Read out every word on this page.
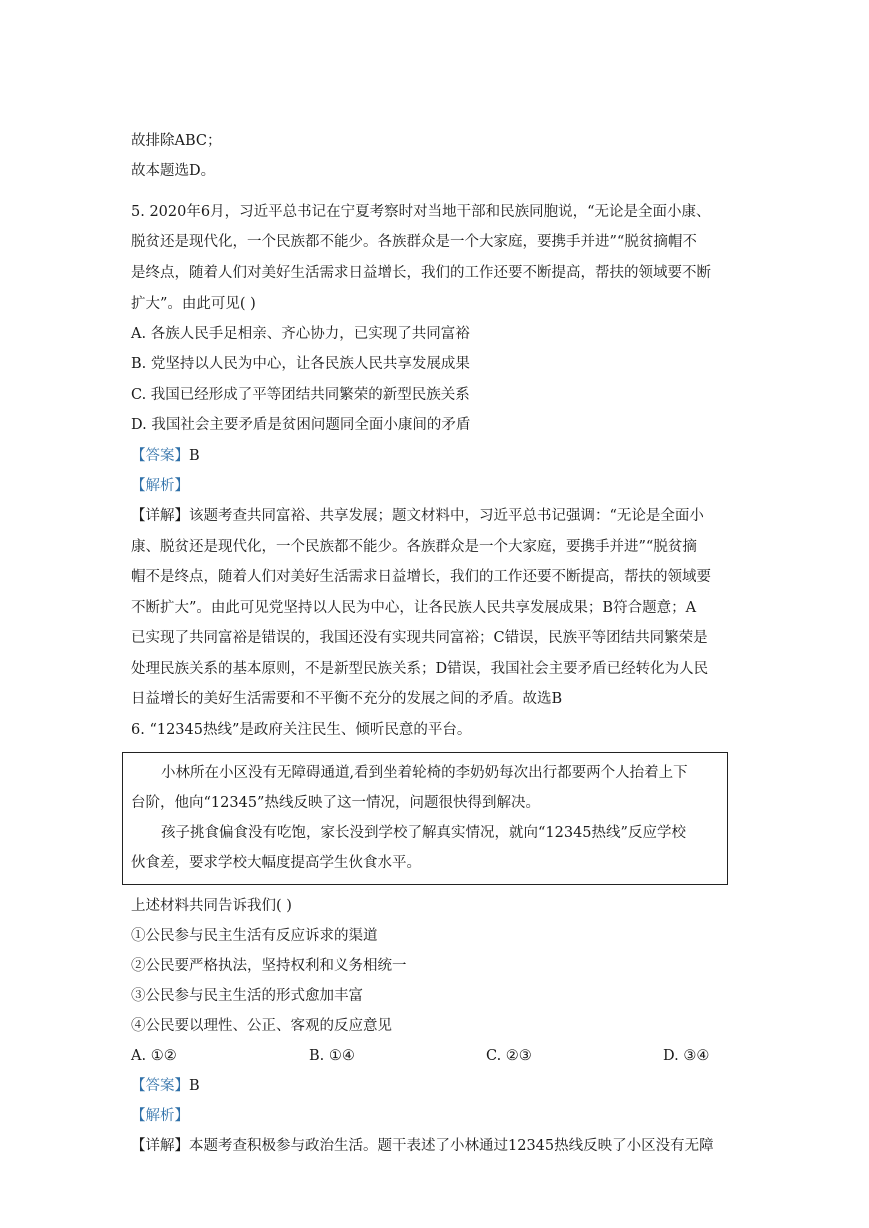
故排除ABC；
故本题选D。
5. 2020年6月，习近平总书记在宁夏考察时对当地干部和民族同胞说，“无论是全面小康、
脱贫还是现代化，一个民族都不能少。各族群众是一个大家庭，要携手并进”“脱贫摘帽不
是终点，随着人们对美好生活需求日益增长，我们的工作还要不断提高，帮扶的领域要不断
扩大”。由此可见( )
A. 各族人民手足相亲、齐心协力，已实现了共同富裕
B. 党坚持以人民为中心，让各民族人民共享发展成果
C. 我国已经形成了平等团结共同繁荣的新型民族关系
D. 我国社会主要矛盾是贫困问题同全面小康间的矛盾
【答案】B
【解析】
【详解】该题考查共同富裕、共享发展；题文材料中，习近平总书记强调：“无论是全面小
康、脱贫还是现代化，一个民族都不能少。各族群众是一个大家庭，要携手并进”“脱贫摘
帽不是终点，随着人们对美好生活需求日益增长，我们的工作还要不断提高，帮扶的领域要
不断扩大”。由此可见党坚持以人民为中心，让各民族人民共享发展成果；B符合题意；A
已实现了共同富裕是错误的，我国还没有实现共同富裕；C错误，民族平等团结共同繁荣是
处理民族关系的基本原则，不是新型民族关系；D错误，我国社会主要矛盾已经转化为人民
日益增长的美好生活需要和不平衡不充分的发展之间的矛盾。故选B
6. “12345热线”是政府关注民生、倾听民意的平台。
小林所在小区没有无障碍通道,看到坐着轮椅的李奶奶每次出行都要两个人抬着上下
台阶，他向“12345”热线反映了这一情况，问题很快得到解决。
孩子挑食偏食没有吃饱，家长没到学校了解真实情况，就向“12345热线”反应学校
伙食差，要求学校大幅度提高学生伙食水平。
上述材料共同告诉我们( )
①公民参与民主生活有反应诉求的渠道
②公民要严格执法，坚持权利和义务相统一
③公民参与民主生活的形式愈加丰富
④公民要以理性、公正、客观的反应意见
A. ①②	B. ①④	C. ②③	D. ③④
【答案】B
【解析】
【详解】本题考查积极参与政治生活。题干表述了小林通过12345热线反映了小区没有无障
